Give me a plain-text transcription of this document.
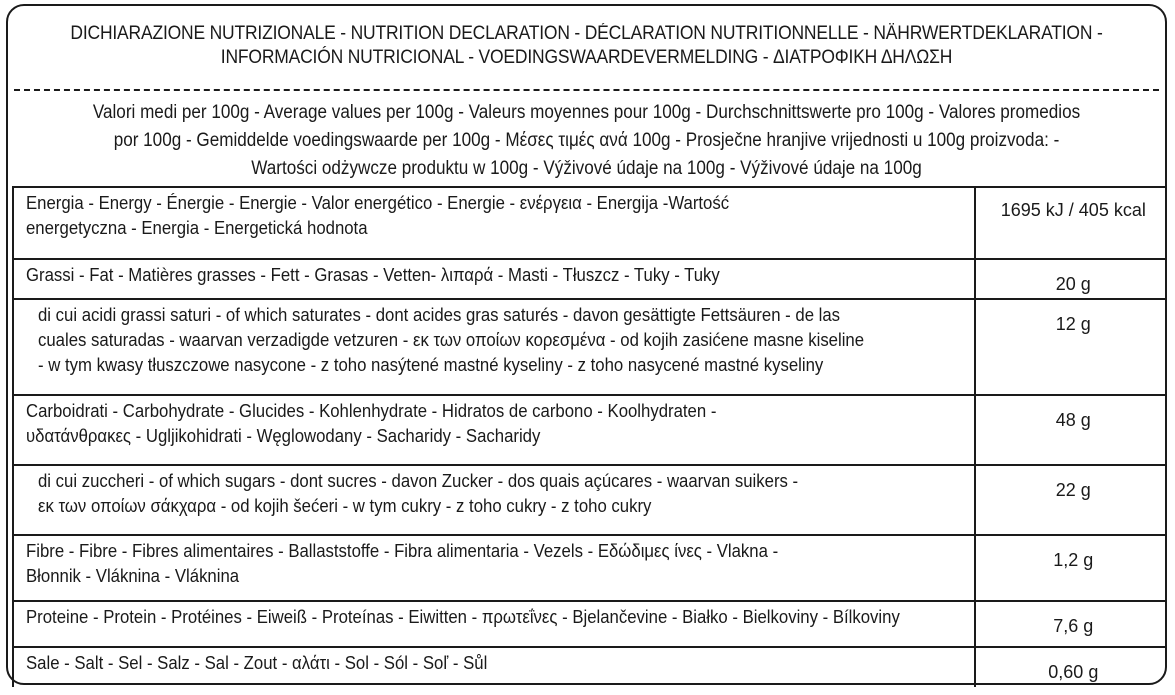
DICHIARAZIONE NUTRIZIONALE - NUTRITION DECLARATION - DÉCLARATION NUTRITIONNELLE - NÄHRWERTDEKLARATION -
INFORMACIÓN NUTRICIONAL - VOEDINGSWAARDEVERMELDING - ΔΙΑΤΡΟΦΙΚΗ ΔΗΛΩΣΗ
Valori medi per 100g - Average values per 100g - Valeurs moyennes pour 100g - Durchschnittswerte pro 100g - Valores promedios
por 100g - Gemiddelde voedingswaarde per 100g - Μέσες τιμές ανά 100g - Prosječne hranjive vrijednosti u 100g proizvoda: -
Wartości odżywcze produktu w 100g - Výživové údaje na 100g - Výživové údaje na 100g
Energia - Energy - Énergie - Energie - Valor energético - Energie - ενέργεια - Energija -Wartość
energetyczna - Energia - Energetická hodnota	1695 kJ / 405 kcal

Grassi - Fat - Matières grasses - Fett - Grasas - Vetten- λιπαρά - Masti - Tłuszcz - Tuky - Tuky	20 g

di cui acidi grassi saturi - of which saturates - dont acides gras saturés - davon gesättigte Fettsäuren - de las
cuales saturadas - waarvan verzadigde vetzuren - εκ των οποίων κορεσμένα - od kojih zasićene masne kiseline
- w tym kwasy tłuszczowe nasycone - z toho nasýtené mastné kyseliny - z toho nasycené mastné kyseliny	12 g

Carboidrati - Carbohydrate - Glucides - Kohlenhydrate - Hidratos de carbono - Koolhydraten -
υδατάνθρακες - Ugljikohidrati - Węglowodany - Sacharidy - Sacharidy	48 g

di cui zuccheri - of which sugars - dont sucres - davon Zucker - dos quais açúcares - waarvan suikers -
εκ των οποίων σάκχαρα - od kojih šećeri - w tym cukry - z toho cukry - z toho cukry	22 g

Fibre - Fibre - Fibres alimentaires - Ballaststoffe - Fibra alimentaria - Vezels - Εδώδιμες ίνες - Vlakna -
Błonnik - Vláknina - Vláknina	1,2 g

Proteine - Protein - Protéines - Eiweiß - Proteínas - Eiwitten - πρωτεΐνες - Bjelančevine - Białko - Bielkoviny - Bílkoviny	7,6 g

Sale - Salt - Sel - Salz - Sal - Zout - αλάτι - Sol - Sól - Soľ - Sůl	0,60 g
